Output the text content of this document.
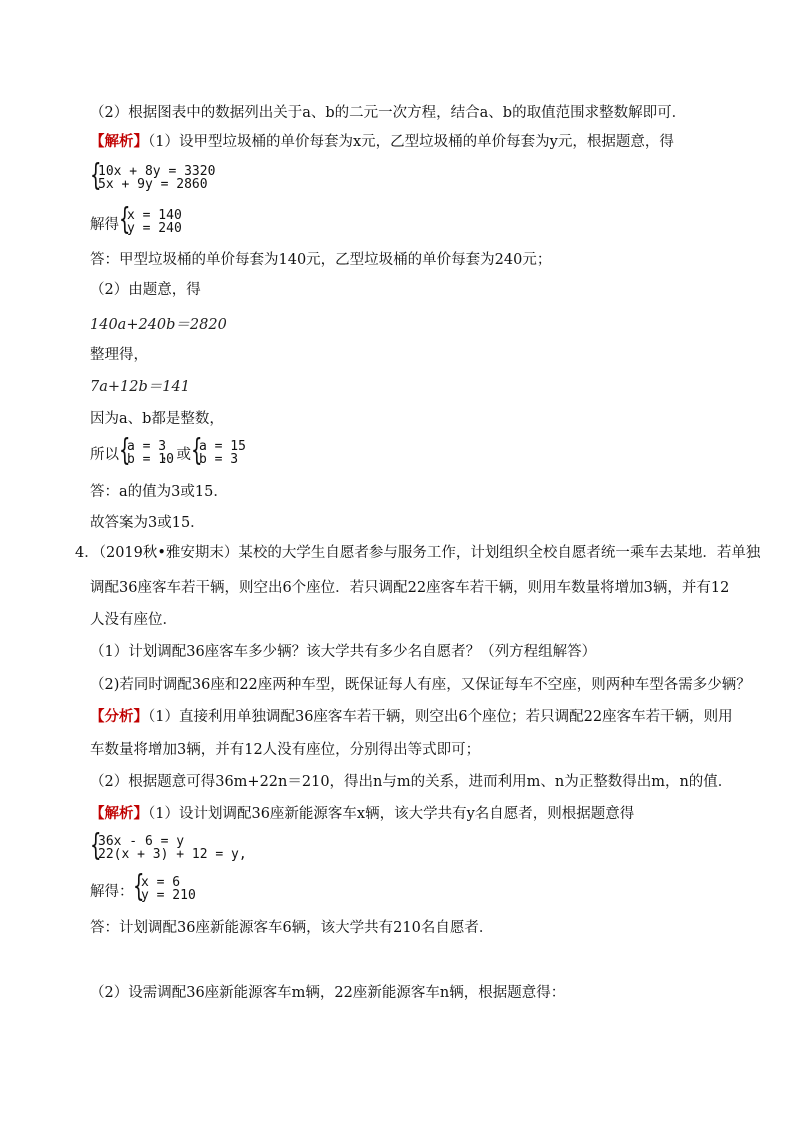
（2）根据图表中的数据列出关于a、b的二元一次方程，结合a、b的取值范围求整数解即可．
【解析】（1）设甲型垃圾桶的单价每套为x元，乙型垃圾桶的单价每套为y元，根据题意，得
{
10x + 8y = 3320
5x + 9y = 2860
解得 {
x = 140
y = 240
答：甲型垃圾桶的单价每套为140元，乙型垃圾桶的单价每套为240元；
（2）由题意，得
140a+240b＝2820
整理得，
7a+12b＝141
因为a、b都是整数，
所以 {
a = 3
b = 10
，或 {
a = 15
b = 3
答：a的值为3或15．
故答案为3或15．
4．（2019秋•雅安期末）某校的大学生自愿者参与服务工作，计划组织全校自愿者统一乘车去某地．若单独
调配36座客车若干辆，则空出6个座位．若只调配22座客车若干辆，则用车数量将增加3辆，并有12
人没有座位．
（1）计划调配36座客车多少辆？该大学共有多少名自愿者？（列方程组解答）
（2)若同时调配36座和22座两种车型，既保证每人有座，又保证每车不空座，则两种车型各需多少辆？
【分析】（1）直接利用单独调配36座客车若干辆，则空出6个座位；若只调配22座客车若干辆，则用
车数量将增加3辆，并有12人没有座位，分别得出等式即可；
（2）根据题意可得36m+22n＝210，得出n与m的关系，进而利用m、n为正整数得出m，n的值．
【解析】（1）设计划调配36座新能源客车x辆，该大学共有y名自愿者，则根据题意得
{
36x - 6 = y
22(x + 3) + 12 = y,
解得： {
x = 6
y = 210
答：计划调配36座新能源客车6辆，该大学共有210名自愿者．
（2）设需调配36座新能源客车m辆，22座新能源客车n辆，根据题意得：
